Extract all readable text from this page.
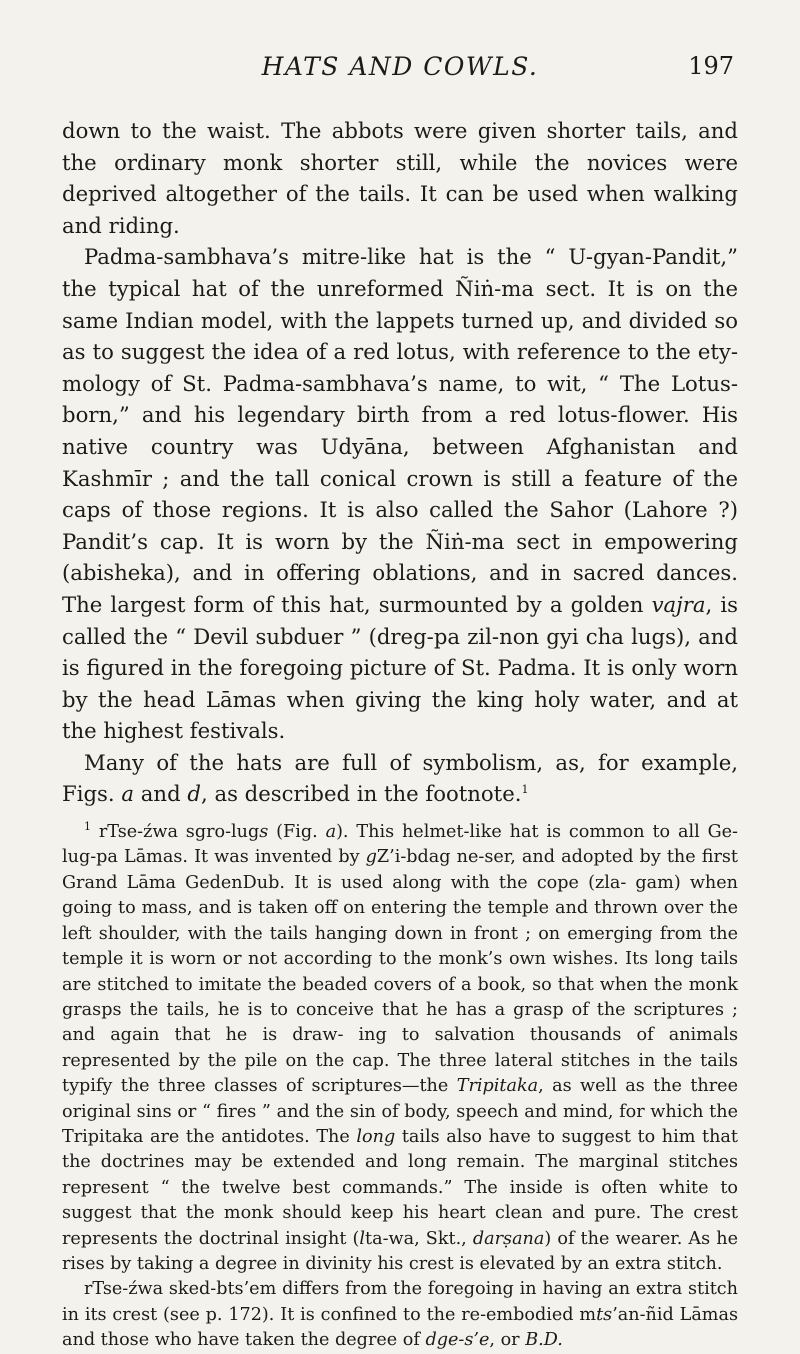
HATS AND COWLS.	197

down to the waist. The abbots were given shorter tails, and the ordinary monk shorter still, while the novices were deprived altogether of the tails. It can be used when walking and riding.

Padma-sambhava’s mitre-like hat is the “ U-gyan-Pandit,” the typical hat of the unreformed Ñiṅ-ma sect. It is on the same Indian model, with the lappets turned up, and divided so as to suggest the idea of a red lotus, with reference to the ety- mology of St. Padma-sambhava’s name, to wit, “ The Lotus- born,” and his legendary birth from a red lotus-flower. His native country was Udyāna, between Afghanistan and Kashmīr ; and the tall conical crown is still a feature of the caps of those regions. It is also called the Sahor (Lahore ?) Pandit’s cap. It is worn by the Ñiṅ-ma sect in empowering (abisheka), and in offering oblations, and in sacred dances. The largest form of this hat, surmounted by a golden vajra, is called the “ Devil subduer ” (dreg-pa zil-non gyi cha lugs), and is figured in the foregoing picture of St. Padma. It is only worn by the head Lāmas when giving the king holy water, and at the highest festivals.

Many of the hats are full of symbolism, as, for example, Figs. a and d, as described in the footnote.$^1$

$^1$ rTse-źwa sgro-lugs (Fig. a). This helmet-like hat is common to all Ge-lug-pa Lāmas. It was invented by gZ’i-bdag ne-ser, and adopted by the first Grand Lāma GedenDub. It is used along with the cope (zla- gam) when going to mass, and is taken off on entering the temple and thrown over the left shoulder, with the tails hanging down in front ; on emerging from the temple it is worn or not according to the monk’s own wishes. Its long tails are stitched to imitate the beaded covers of a book, so that when the monk grasps the tails, he is to conceive that he has a grasp of the scriptures ; and again that he is draw- ing to salvation thousands of animals represented by the pile on the cap. The three lateral stitches in the tails typify the three classes of scriptures—the Tripitaka, as well as the three original sins or “ fires ” and the sin of body, speech and mind, for which the Tripitaka are the antidotes. The long tails also have to suggest to him that the doctrines may be extended and long remain. The marginal stitches represent “ the twelve best commands.” The inside is often white to suggest that the monk should keep his heart clean and pure. The crest represents the doctrinal insight (lta-wa, Skt., darṣana) of the wearer. As he rises by taking a degree in divinity his crest is elevated by an extra stitch.

rTse-źwa sked-bts’em differs from the foregoing in having an extra stitch in its crest (see p. 172). It is confined to the re-embodied mts’an-ñid Lāmas and those who have taken the degree of dge-s’e, or B.D.
